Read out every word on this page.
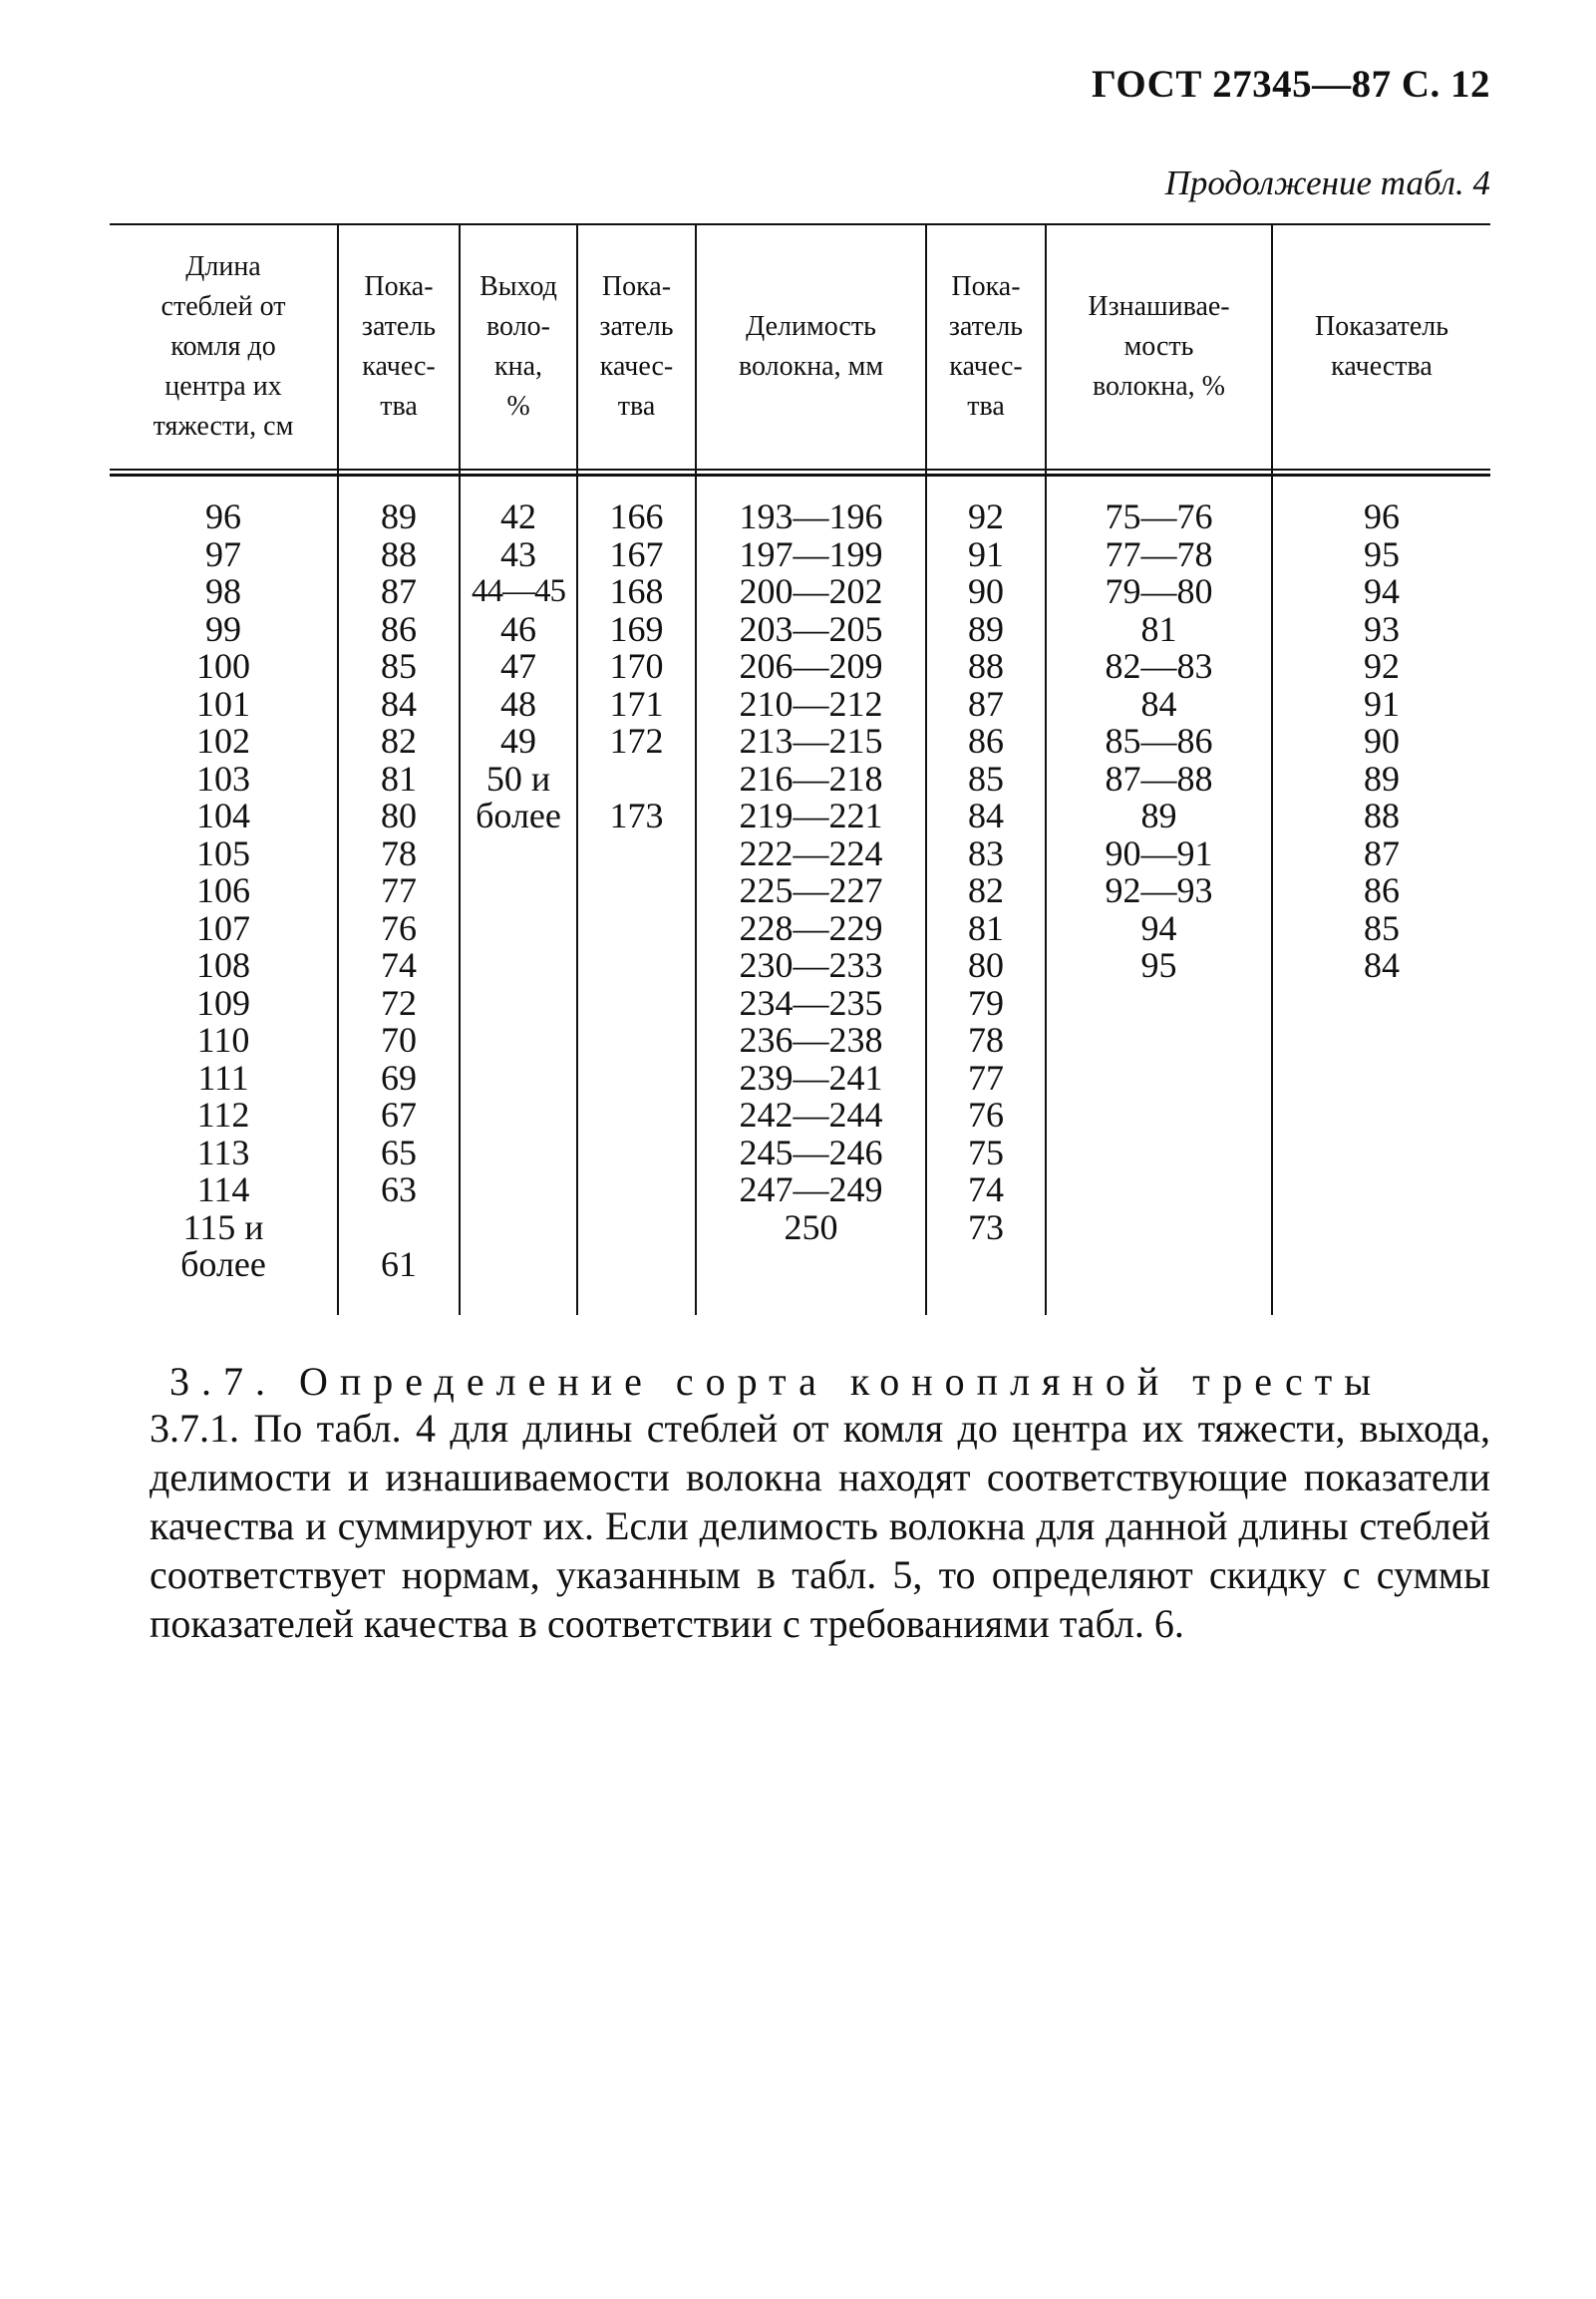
ГОСТ 27345—87 С. 12
Продолжение табл. 4
Длина
стеблей от
комля до
центра их
тяжести, см
Пока-
затель
качес-
тва
Выход
воло-
кна,
%
Пока-
затель
качес-
тва
Делимость
волокна, мм
Пока-
затель
качес-
тва
Изнашивае-
мость
волокна, %
Показатель
качества
96
97
98
99
100
101
102
103
104
105
106
107
108
109
110
111
112
113
114
115 и
более
89
88
87
86
85
84
82
81
80
78
77
76
74
72
70
69
67
65
63
61
42
43
44—45
46
47
48
49
50 и
более
166
167
168
169
170
171
172
173
193—196
197—199
200—202
203—205
206—209
210—212
213—215
216—218
219—221
222—224
225—227
228—229
230—233
234—235
236—238
239—241
242—244
245—246
247—249
250
92
91
90
89
88
87
86
85
84
83
82
81
80
79
78
77
76
75
74
73
75—76
77—78
79—80
81
82—83
84
85—86
87—88
89
90—91
92—93
94
95
96
95
94
93
92
91
90
89
88
87
86
85
84
3.7. Определение сорта конопляной тресты
3.7.1. По табл. 4 для длины стеблей от комля до центра их тяжести, выхода, делимости и изнашиваемости волокна находят соответствующие показатели качества и суммируют их. Если делимость волокна для данной длины стеблей соответствует нормам, указанным в табл. 5, то определяют скидку с суммы показателей качества в соответствии с требованиями табл. 6.
